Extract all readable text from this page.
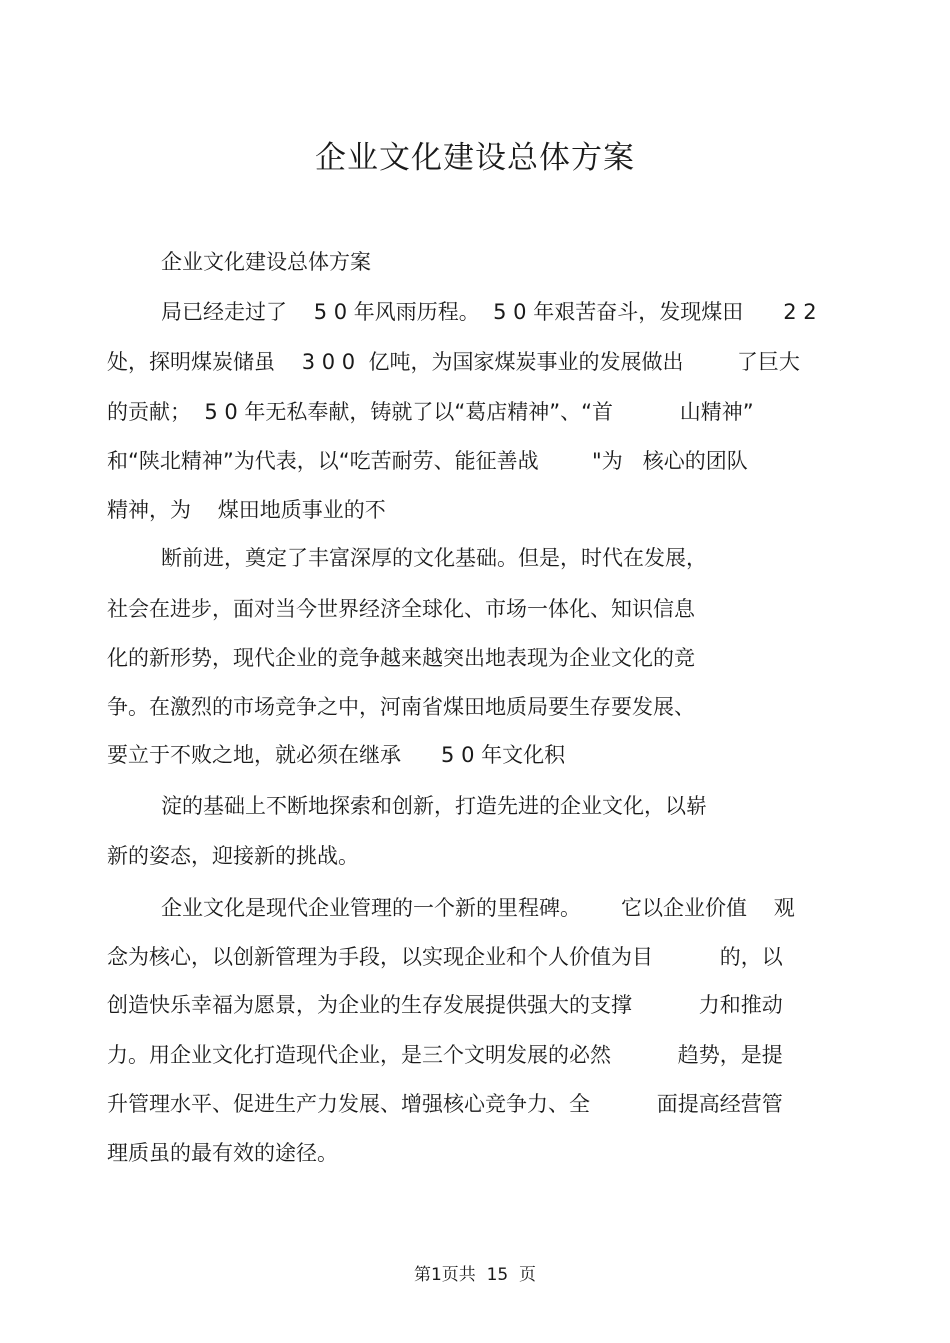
企业文化建设总体方案
企业文化建设总体方案
局已经走过了    5 0 年风雨历程。  5 0 年艰苦奋斗，发现煤田      2 2
处，探明煤炭储虽    3 0 0  亿吨，为国家煤炭事业的发展做出        了巨大
的贡献；  5 0 年无私奉献，铸就了以“葛店精神”、“首          山精神”
和“陕北精神”为代表，以“吃苦耐劳、能征善战        "为   核心的团队
精神，为    煤田地质事业的不
断前进，奠定了丰富深厚的文化基础。但是，时代在发展，
社会在进步，面对当今世界经济全球化、市场一体化、知识信息
化的新形势，现代企业的竞争越来越突出地表现为企业文化的竞
争。在激烈的市场竞争之中，河南省煤田地质局要生存要发展、
要立于不败之地，就必须在继承      5 0 年文化积
淀的基础上不断地探索和创新，打造先进的企业文化，以崭
新的姿态，迎接新的挑战。
企业文化是现代企业管理的一个新的里程碑。      它以企业价值    观
念为核心，以创新管理为手段，以实现企业和个人价值为目          的，以
创造快乐幸福为愿景，为企业的生存发展提供强大的支撑          力和推动
力。用企业文化打造现代企业，是三个文明发展的必然          趋势，是提
升管理水平、促进生产力发展、增强核心竞争力、全          面提高经营管
理质虽的最有效的途径。
第1页共  15  页
